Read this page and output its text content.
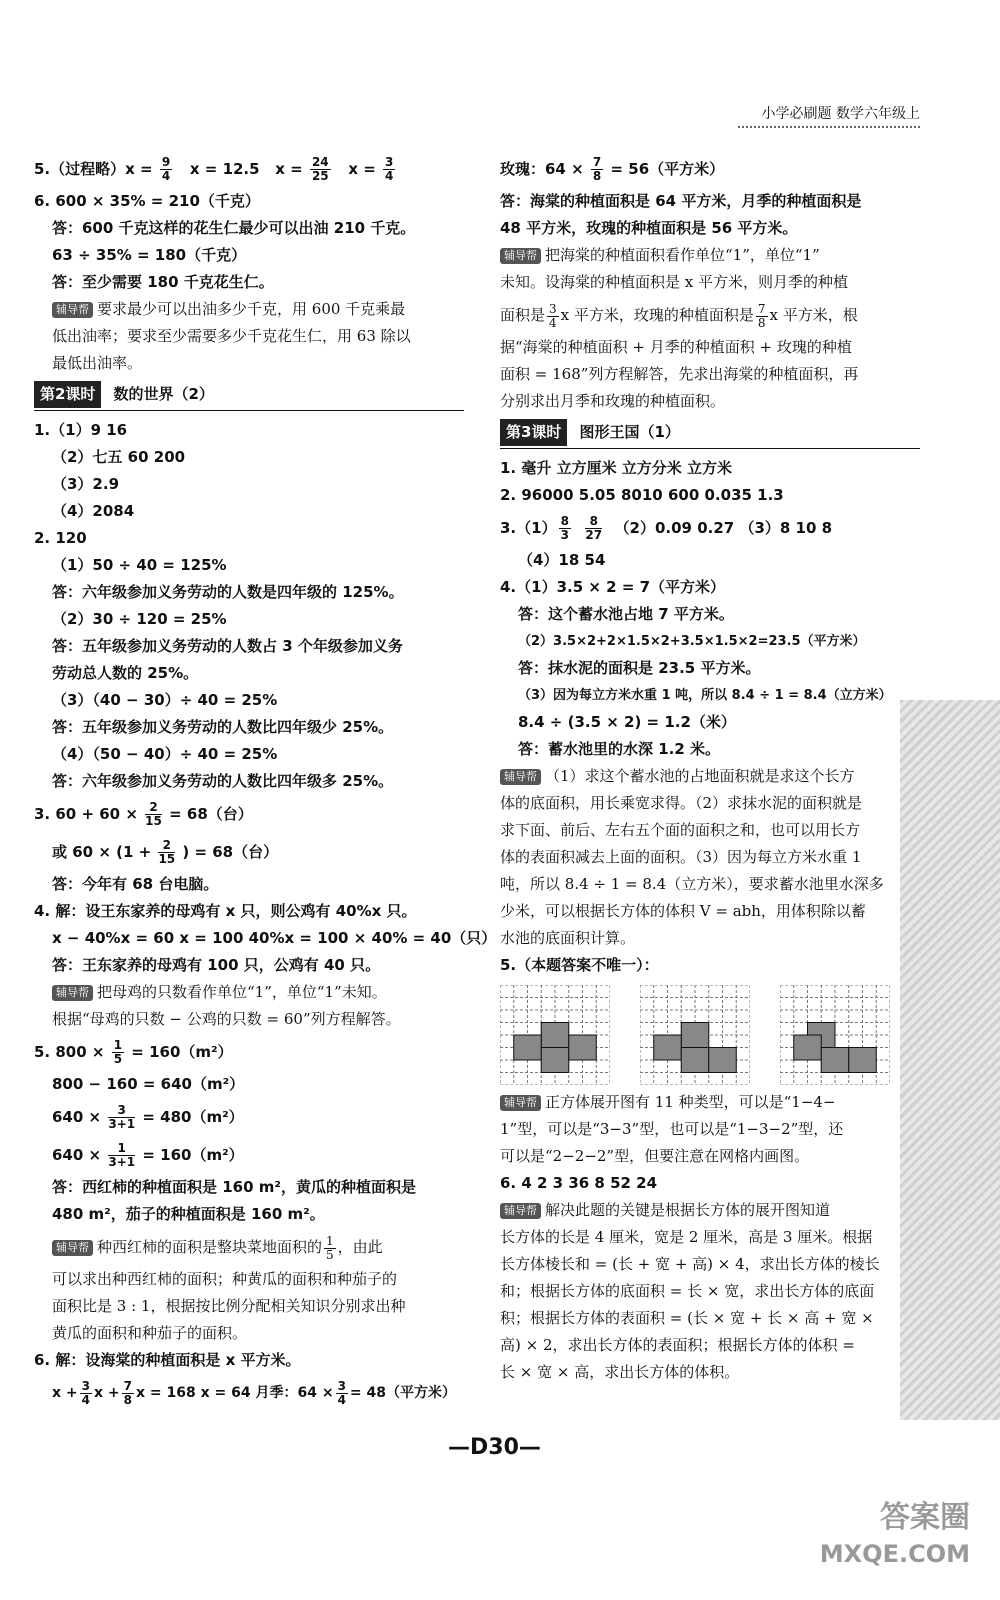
小学必刷题 数学六年级上
5.（过程略）$x = \frac{9}{4}$ x = 12.5 $x = \frac{24}{25}$ $x = \frac{3}{4}$
6. 600 × 35% = 210（千克）
答：600 千克这样的花生仁最少可以出油 210 千克。
63 ÷ 35% = 180（千克）
答：至少需要 180 千克花生仁。
辅导帮 要求最少可以出油多少千克，用 600 千克乘最
低出油率；要求至少需要多少千克花生仁，用 63 除以
最低出油率。
第2课时	数的世界（2）
1.（1）9 16
（2）七五 60 200
（3）2.9
（4）2084
2. 120
（1）50 ÷ 40 = 125%
答：六年级参加义务劳动的人数是四年级的 125%。
（2）30 ÷ 120 = 25%
答：五年级参加义务劳动的人数占 3 个年级参加义务
劳动总人数的 25%。
（3）（40 − 30）÷ 40 = 25%
答：五年级参加义务劳动的人数比四年级少 25%。
（4）（50 − 40）÷ 40 = 25%
答：六年级参加义务劳动的人数比四年级多 25%。
3. $60 + 60 \times \frac{2}{15} = 68$（台）
或 $60 \times (1 + \frac{2}{15}$ ) = 68（台）
答：今年有 68 台电脑。
4. 解：设王东家养的母鸡有 x 只，则公鸡有 40%x 只。
x − 40%x = 60 x = 100 40%x = 100 × 40% = 40（只）
答：王东家养的母鸡有 100 只，公鸡有 40 只。
辅导帮 把母鸡的只数看作单位“1”，单位“1”未知。
根据“母鸡的只数 − 公鸡的只数 = 60”列方程解答。
5. $800 \times \frac{1}{5} = 160(m^2)$
800 − 160 = 640（m²）
$640 \times \frac{3}{3+1} = 480(m^2)$
$640 \times \frac{1}{3+1} = 160(m^2)$
答：西红柿的种植面积是 160 m²，黄瓜的种植面积是
480 m²，茄子的种植面积是 160 m²。
辅导帮 种西红柿的面积是整块菜地面积的 $\frac{1}{5}$ ，由此
可以求出种西红柿的面积；种黄瓜的面积和种茄子的
面积比是 3 : 1，根据按比例分配相关知识分别求出种
黄瓜的面积和种茄子的面积。
6. 解：设海棠的种植面积是 x 平方米。
$x + \frac{3}{4}$ $x + \frac{7}{8}$ x = 168 x = 64 月季：$64 \times \frac{3}{4} = 48$（平方米）
玫瑰：$64 \times \frac{7}{8} = 56$（平方米）
答：海棠的种植面积是 64 平方米，月季的种植面积是
48 平方米，玫瑰的种植面积是 56 平方米。
辅导帮 把海棠的种植面积看作单位“1”，单位“1”
未知。设海棠的种植面积是 x 平方米，则月季的种植
面积是 $\frac{3}{4}$ x 平方米，玫瑰的种植面积是 $\frac{7}{8}$ x 平方米，根
据“海棠的种植面积 + 月季的种植面积 + 玫瑰的种植
面积 = 168”列方程解答，先求出海棠的种植面积，再
分别求出月季和玫瑰的种植面积。
第3课时	图形王国（1）
1. 毫升 立方厘米 立方分米 立方米
2. 96000 5.05 8010 600 0.035 1.3
$3.(1) \frac{8}{3}$
$\frac{8}{27} (2)0.09$ 0.27 （3）8 10 8
（4）18 54
4.（1）3.5 × 2 = 7（平方米）
答：这个蓄水池占地 7 平方米。
（2）3.5×2+2×1.5×2+3.5×1.5×2=23.5（平方米）
答：抹水泥的面积是 23.5 平方米。
（3）因为每立方米水重 1 吨，所以 8.4 ÷ 1 = 8.4（立方米）
8.4 ÷ (3.5 × 2) = 1.2（米）
答：蓄水池里的水深 1.2 米。
辅导帮 （1）求这个蓄水池的占地面积就是求这个长方
体的底面积，用长乘宽求得。（2）求抹水泥的面积就是
求下面、前后、左右五个面的面积之和，也可以用长方
体的表面积减去上面的面积。（3）因为每立方米水重 1
吨，所以 8.4 ÷ 1 = 8.4（立方米），要求蓄水池里水深多
少米，可以根据长方体的体积 V = abh，用体积除以蓄
水池的底面积计算。
5.（本题答案不唯一）：
辅导帮 正方体展开图有 11 种类型，可以是“1−4−
1”型，可以是“3−3”型，也可以是“1−3−2”型，还
可以是“2−2−2”型，但要注意在网格内画图。
6. 4 2 3 36 8 52 24
辅导帮 解决此题的关键是根据长方体的展开图知道
长方体的长是 4 厘米，宽是 2 厘米，高是 3 厘米。根据
长方体棱长和 = (长 + 宽 + 高) × 4，求出长方体的棱长
和；根据长方体的底面积 = 长 × 宽，求出长方体的底面
积；根据长方体的表面积 = (长 × 宽 + 长 × 高 + 宽 ×
高) × 2，求出长方体的表面积；根据长方体的体积 =
长 × 宽 × 高，求出长方体的体积。
—D30—
答案圈
MXQE.COM
